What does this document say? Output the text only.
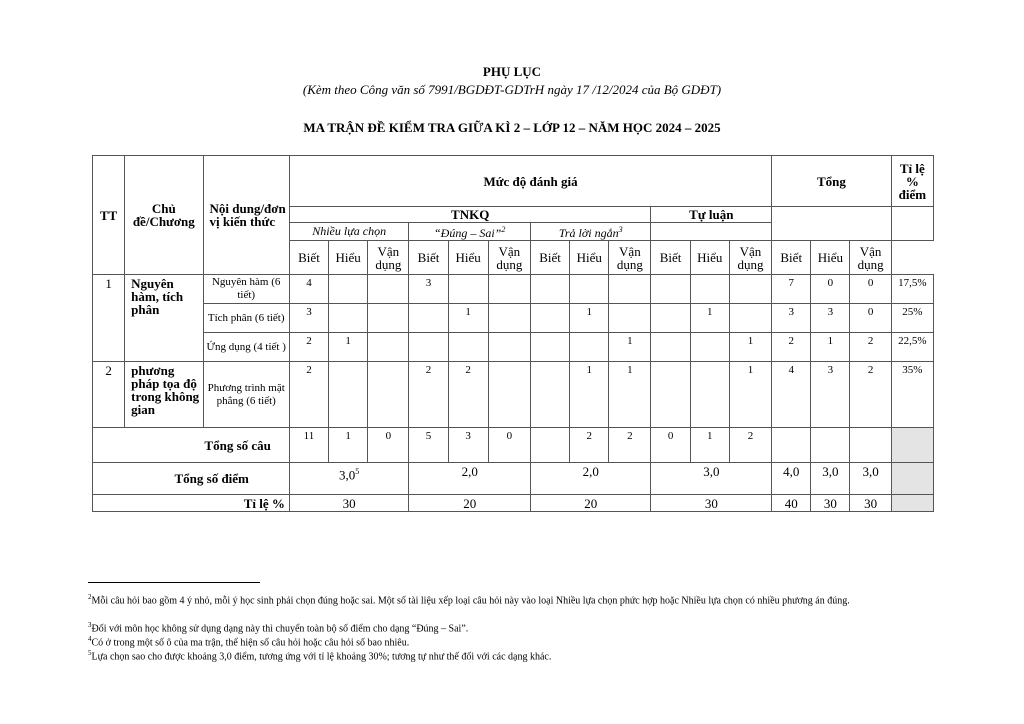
PHỤ LỤC
(Kèm theo Công văn số 7991/BGDĐT-GDTrH ngày 17 /12/2024 của Bộ GDĐT)
MA TRẬN ĐỀ KIỂM TRA GIỮA KÌ 2 – LỚP 12 – NĂM HỌC 2024 – 2025
TT	Chủ đề/Chương	Nội dung/đơn vị kiến thức	Mức độ đánh giá												Tổng			Tỉ lệ % điểm
			TNKQ									Tự luận						
			Nhiều lựa chọn			“Đúng – Sai”$^2$			Trả lời ngắn$^3$	
			Biết	Hiểu	Vận dụng	Biết	Hiểu	Vận dụng	Biết	Hiểu	Vận dụng	Biết	Hiểu	Vận dụng	Biết	Hiểu	Vận dụng	
1	Nguyên hàm, tích phân	Nguyên hàm (6 tiết)	4			3									7	0	0	17,5%
		Tích phân (6 tiết)	3				1			1			1		3	3	0	25%
		Ứng dụng (4 tiết )	2	1							1			1	2	1	2	22,5%
2	phương pháp tọa độ trong không gian	Phương trình mặt phẳng (6 tiết)	2			2	2			1	1			1	4	3	2	35%
Tổng số câu			11	1	0	5	3	0		2	2	0	1	2				
Tổng số điểm			$3,0^5$			2,0			2,0			3,0			4,0	3,0	3,0	
Tỉ lệ %			30			20			20			30			40	30	30	
$^2$Mỗi câu hỏi bao gồm 4 ý nhỏ, mỗi ý học sinh phải chọn đúng hoặc sai. Một số tài liệu xếp loại câu hỏi này vào loại Nhiều lựa chọn phức hợp hoặc Nhiều lựa chọn có nhiều phương án đúng.
$^3$Đối với môn học không sử dụng dạng này thì chuyển toàn bộ số điểm cho dạng “Đúng – Sai”.
$^4$Có ở trong một số ô của ma trận, thể hiện số câu hỏi hoặc câu hỏi số bao nhiêu.
$^5$Lựa chọn sao cho được khoảng 3,0 điểm, tương ứng với tỉ lệ khoảng 30%; tương tự như thế đối với các dạng khác.
